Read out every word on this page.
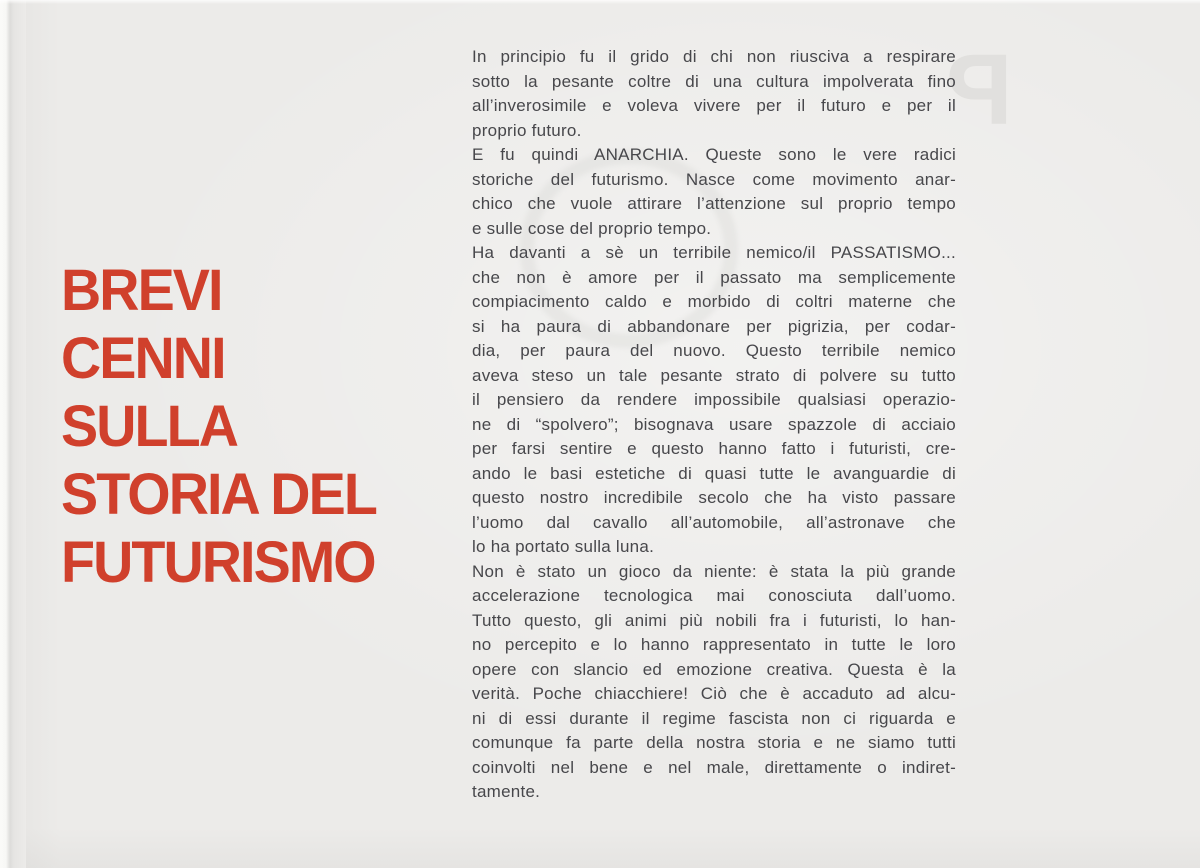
P
BREVI
CENNI
SULLA
STORIA DEL
FUTURISMO
In principio fu il grido di chi non riusciva a respirare
sotto la pesante coltre di una cultura impolverata fino
all’inverosimile e voleva vivere per il futuro e per il
proprio futuro.
E fu quindi ANARCHIA. Queste sono le vere radici
storiche del futurismo. Nasce come movimento anar-
chico che vuole attirare l’attenzione sul proprio tempo
e sulle cose del proprio tempo.
Ha davanti a sè un terribile nemico/il PASSATISMO...
che non è amore per il passato ma semplicemente
compiacimento caldo e morbido di coltri materne che
si ha paura di abbandonare per pigrizia, per codar-
dia, per paura del nuovo. Questo terribile nemico
aveva steso un tale pesante strato di polvere su tutto
il pensiero da rendere impossibile qualsiasi operazio-
ne di “spolvero”; bisognava usare spazzole di acciaio
per farsi sentire e questo hanno fatto i futuristi, cre-
ando le basi estetiche di quasi tutte le avanguardie di
questo nostro incredibile secolo che ha visto passare
l’uomo dal cavallo all’automobile, all’astronave che
lo ha portato sulla luna.
Non è stato un gioco da niente: è stata la più grande
accelerazione tecnologica mai conosciuta dall’uomo.
Tutto questo, gli animi più nobili fra i futuristi, lo han-
no percepito e lo hanno rappresentato in tutte le loro
opere con slancio ed emozione creativa. Questa è la
verità. Poche chiacchiere! Ciò che è accaduto ad alcu-
ni di essi durante il regime fascista non ci riguarda e
comunque fa parte della nostra storia e ne siamo tutti
coinvolti nel bene e nel male, direttamente o indiret-
tamente.
